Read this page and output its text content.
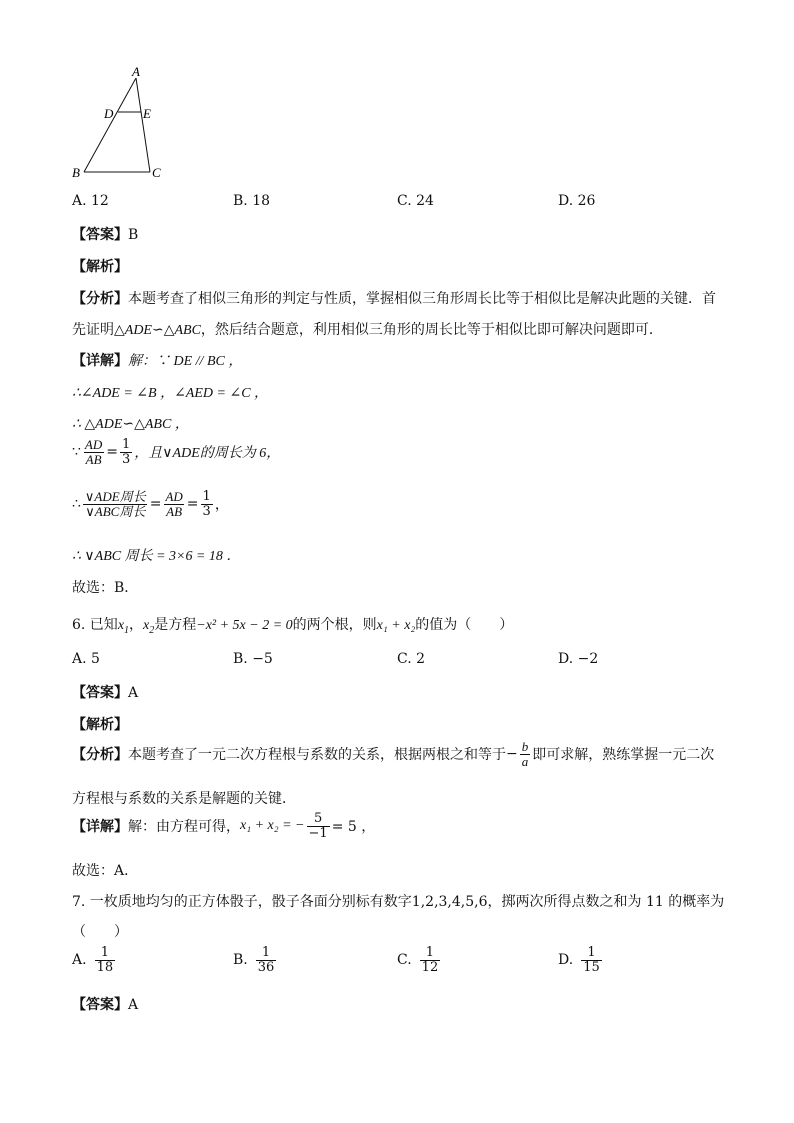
A
D E
B	C
A. 12	B. 18	C. 24	D. 26
【答案】B
【解析】
【分析】本题考查了相似三角形的判定与性质，掌握相似三角形周长比等于相似比是解决此题的关键．首
先证明△ADE∽△ABC，然后结合题意，利用相似三角形的周长比等于相似比即可解决问题即可．
【详解】解：∵ DE // BC ，
∴∠ADE = ∠B ，∠AED = ∠C ，
∴ △ADE∽△ABC ，
∵ $\frac{AD}{AB} = \frac{1}{3}$ ，且∨ADE的周长为 6，
∴ $\frac{\text{∨ADE周长}}{\text{∨ABC周长}} = \frac{AD}{AB} = \frac{1}{3}$ ，
∴ ∨ABC 周长 = 3×6 = 18 ．
故选：B．
6. 已知$x_1$，$x_2$是方程−x² + 5x − 2 = 0的两个根，则x₁ + x₂的值为（　　）
A. 5	B. −5	C. 2	D. −2
【答案】A
【解析】
【分析】 本题考查了一元二次方程根与系数的关系，根据两根之和等于 − $\frac{b}{a}$ 即可求解，熟练掌握一元二次
方程根与系数的关系是解题的关键．
【详解】 解：由方程可得， x₁ + x₂ = − $\frac{5}{-1} = 5$ ，
故选：A．
7. 一枚质地均匀的正方体骰子，骰子各面分别标有数字1,2,3,4,5,6，掷两次所得点数之和为 11 的概率为
（　　）
A. $\frac{1}{18}$	B. $\frac{1}{36}$	C. $\frac{1}{12}$	D. $\frac{1}{15}$
【答案】A
